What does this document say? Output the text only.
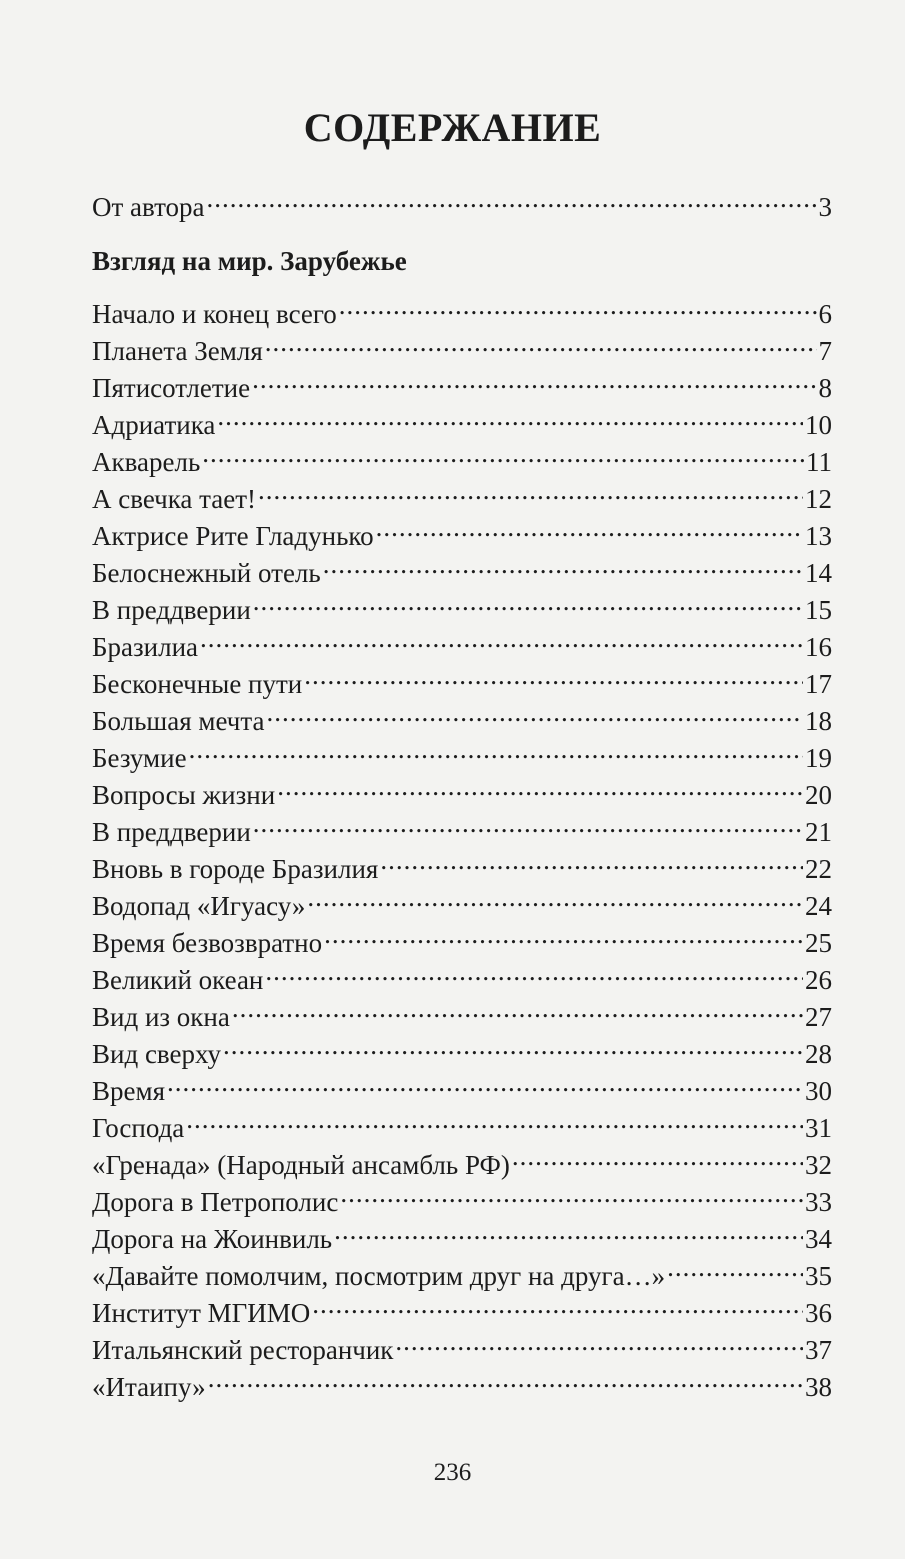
СОДЕРЖАНИЕ
От автора .....	3
Взгляд на мир. Зарубежье
Начало и конец всего .....	6
Планета Земля .....	7
Пятисотлетие .....	8
Адриатика .....	10
Акварель .....	11
А свечка тает! .....	12
Актрисе Рите Гладунько .....	13
Белоснежный отель .....	14
В преддверии .....	15
Бразилиа .....	16
Бесконечные пути .....	17
Большая мечта .....	18
Безумие .....	19
Вопросы жизни .....	20
В преддверии .....	21
Вновь в городе Бразилия .....	22
Водопад «Игуасу» .....	24
Время безвозвратно .....	25
Великий океан .....	26
Вид из окна .....	27
Вид сверху .....	28
Время .....	30
Господа .....	31
«Гренада» (Народный ансамбль РФ) .....	32
Дорога в Петрополис .....	33
Дорога на Жоинвиль .....	34
«Давайте помолчим, посмотрим друг на друга…» .....	35
Институт МГИМО .....	36
Итальянский ресторанчик .....	37
«Итаипу» .....	38
236
